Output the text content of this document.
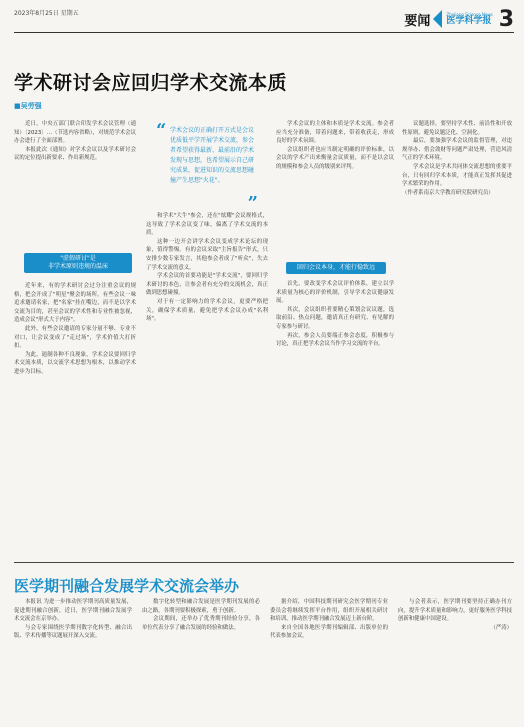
2023年8月25日 星期五	要闻	Zhejiang Science News
医学科学报 3
学术研讨会应回归学术交流本质
■吴劳强
“ 学术会议的正确打开方式是会议优质低平学开展学术交流，参会者希望获得最新、最前沿的学术发现与思想，也希望展示自己研究成果，促进知识的交流思想碰撞产生思想"火花"。
”

近日，中央五部门联合印发学术会议管理（通知）〔2023〕…（节选内容省略），对规范学术会议办会进行了全面部署。

本报此次《通知》对学术会议以及学术研讨会议的定位提出新要求、作出新规范。

"虚假研讨"是
非学术原则违规的温床

近年来，有的学术研讨会过分注重会议的规格，把会开成了"明星"聚会的场所。有些会议一味追求邀请名家，把"名家"挂在嘴边，而不是以学术交流为目的，甚至会议的学术性和专业性被忽视，造成会议"形式大于内容"。

此外，有些会议邀请的专家分量不够、专业不对口，让会议变成了"走过场"，学术价值大打折扣。

为此，遏制各种不良现象，学术会议要回归学术交流本质，以交流学术思想为根本，以推动学术进步为目标。

和学术"大牛"参会，还在"炫耀"会议规格式，这导致了学术会议变了味，偏离了学术交流的本质。

这种一边开会讲学术会议变成学术论坛的现象，值得警惕。有的会议采取"主旨报告"形式，只安排少数专家发言，其他参会者成了"听众"，失去了学术交流的意义。

学术会议的首要功能是"学术交流"，要回归学术研讨的本色，让参会者有充分的交流机会，真正做到思想碰撞。

对于有一定影响力的学术会议，更要严格把关，确保学术质量，避免把学术会议办成"名利场"。

学术会议的主体和本质是学术交流。参会者应当充分准备，带着问题来，带着收获走，形成良好的学术氛围。

会议组织者也应当制定明确的评价标准，以会议的学术产出来衡量会议质量，而不是以会议的规模和参会人员的级别来评判。

回归会议本身，才能行稳致远

首先，要改变学术会议评价体系，建立以学术质量为核心的评价机制，引导学术会议健康发展。

其次，会议组织者要精心策划会议议题，选取前沿、热点问题，邀请真正有研究、有见解的专家参与研讨。

再次，参会人员要端正参会态度，积极参与讨论，真正把学术会议当作学习交流的平台。

议题选择，要坚持学术性、前沿性和开放性原则，避免议题泛化、空洞化。

最后，要加强学术会议的监督管理，对违规举办、借会敛财等问题严肃处理，营造风清气正的学术环境。

学术会议是学术共同体交流思想的重要平台，只有回归学术本质，才能真正发挥其促进学术繁荣的作用。

（作者系南京大学教育研究院研究员）

医学期刊融合发展学术交流会举办

本报讯 为进一步推动医学期刊高质量发展，促进期刊融合创新，近日，医学期刊融合发展学术交流会在京举办。

与会专家围绕医学期刊数字化转型、融合出版、学术传播等议题展开深入交流。

数字化转型和融合发展是医学期刊发展的必由之路，各期刊要积极探索，勇于创新。

会议期间，还举办了优秀期刊经验分享，各单位代表分享了融合发展的经验和做法。

据介绍，中国科技期刊研究会医学期刊专业委员会将继续发挥平台作用，组织开展相关研讨和培训，推动医学期刊融合发展迈上新台阶。

来自全国各地医学期刊编辑部、出版单位的代表参加会议。

与会者表示，医学期刊要坚持正确办刊方向，提升学术质量和影响力，更好服务医学科技创新和健康中国建设。

（严涛）
